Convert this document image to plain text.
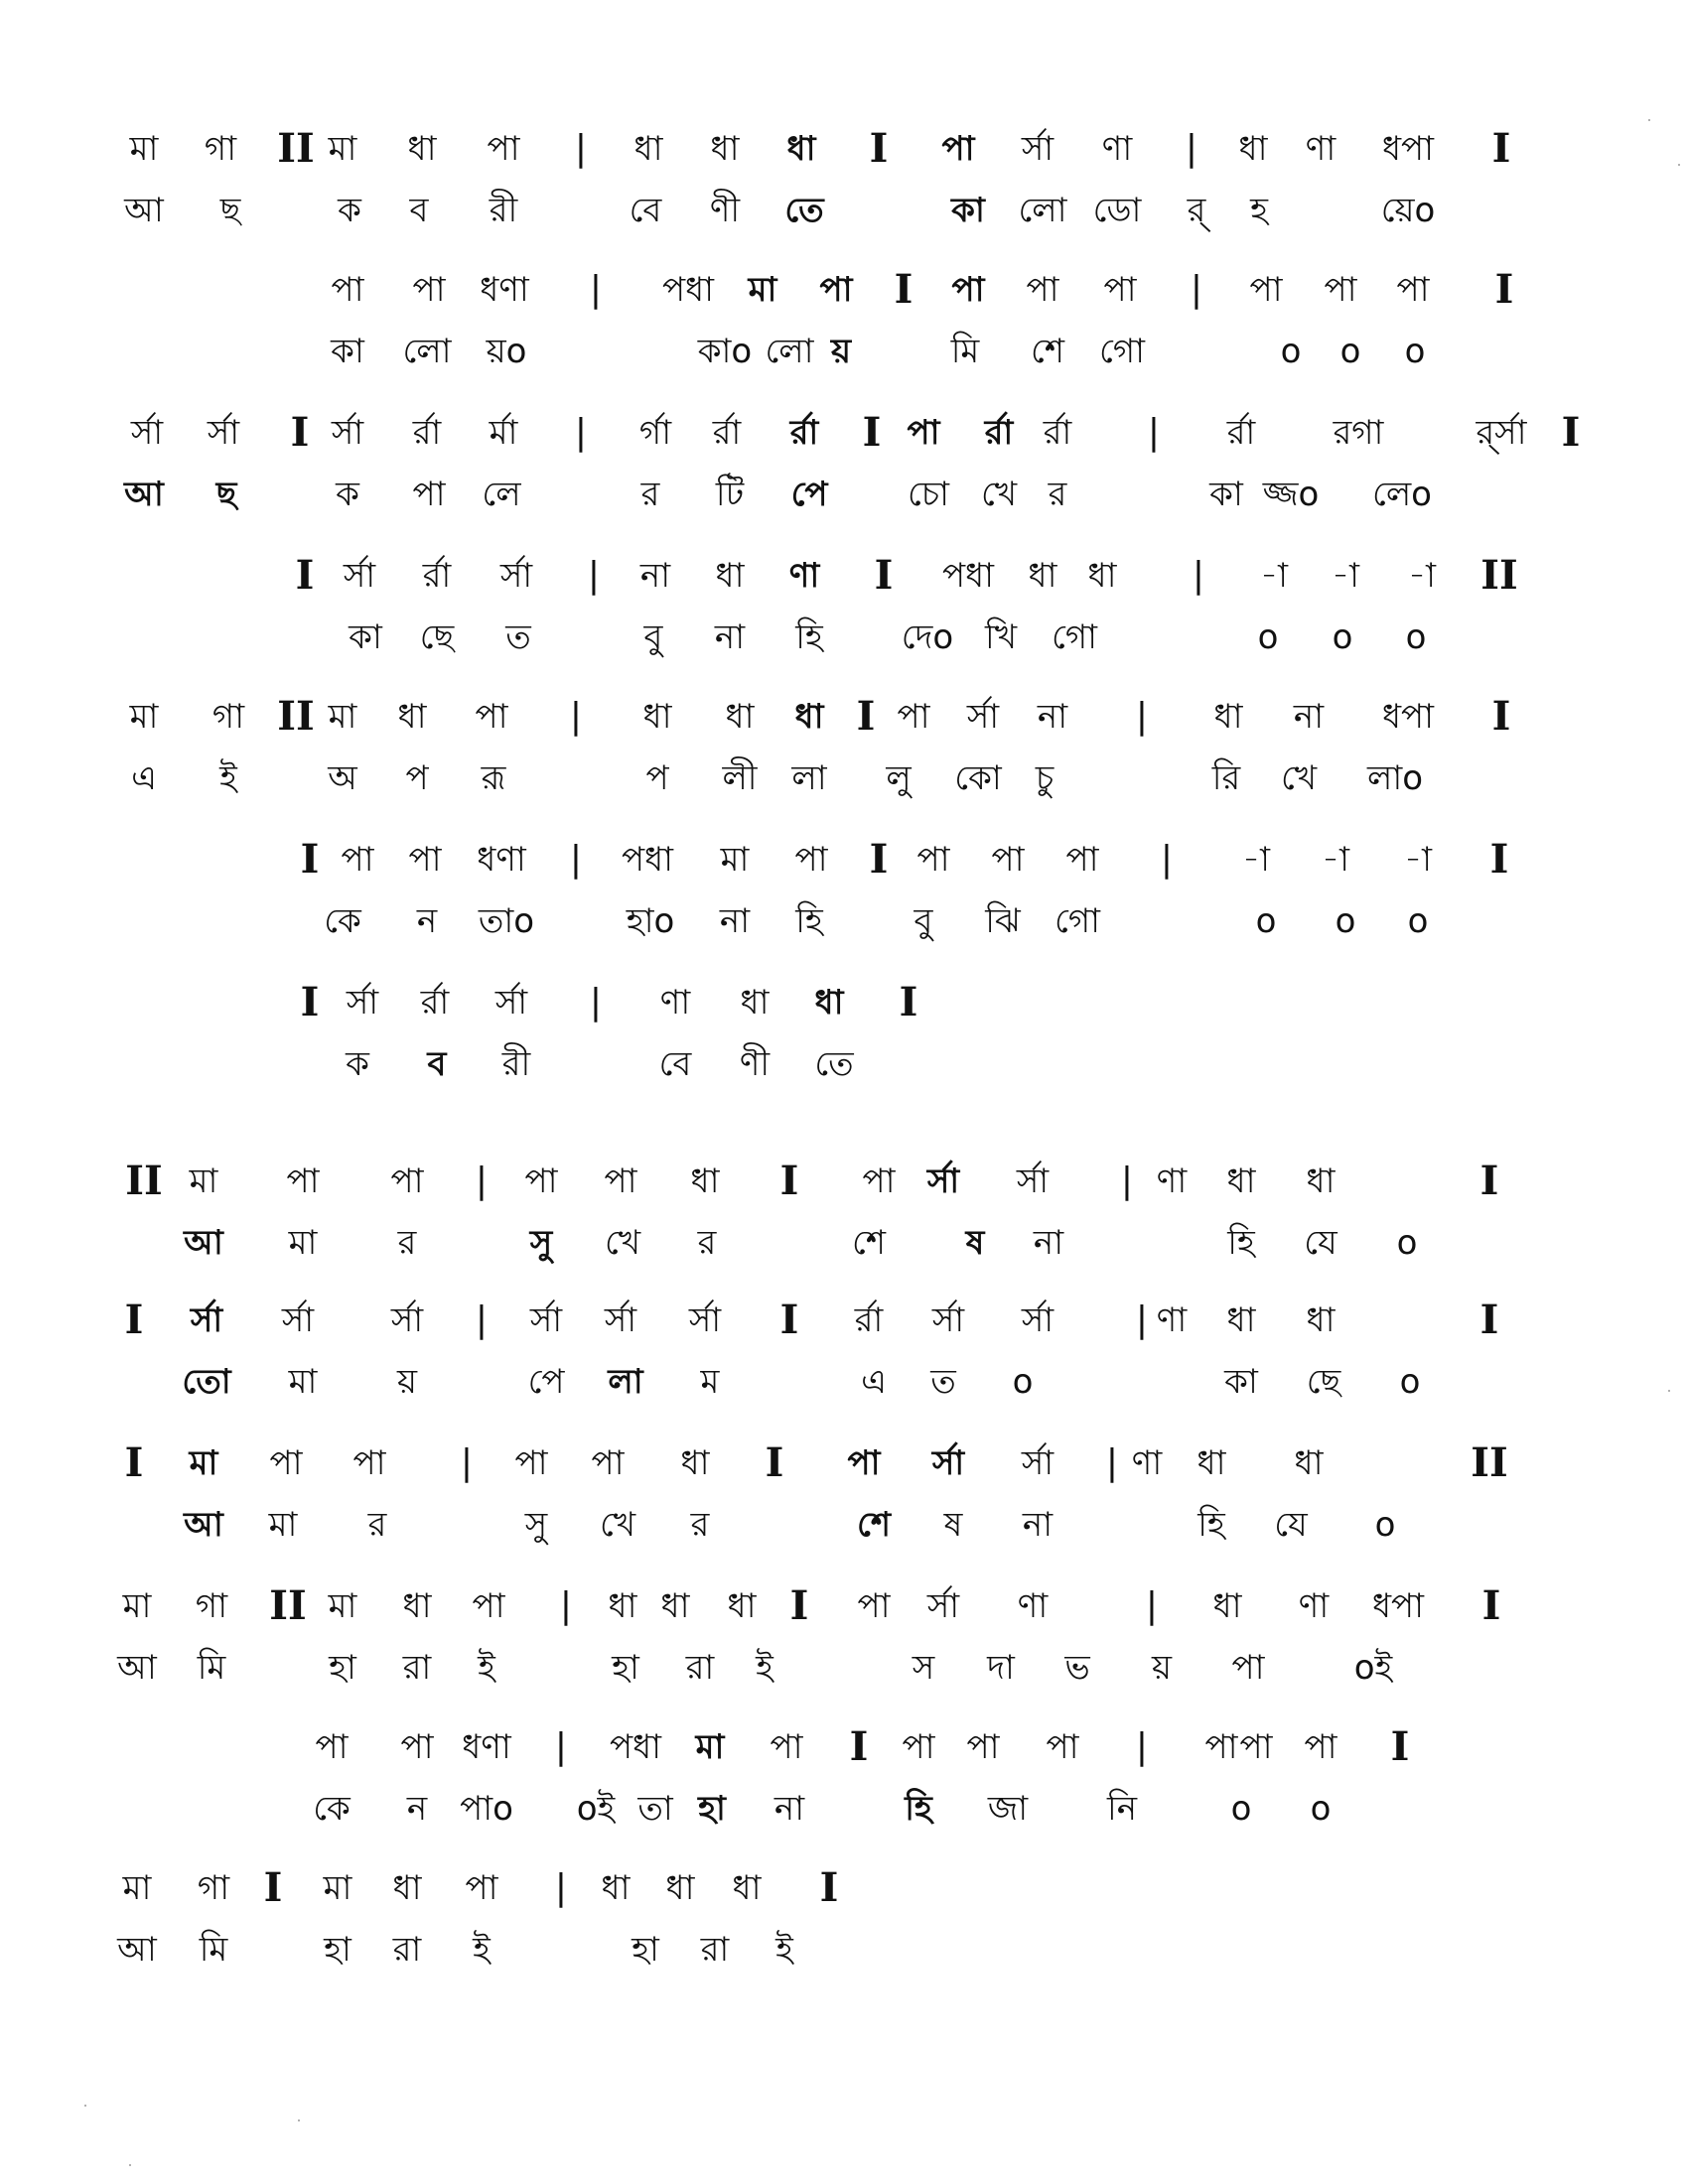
মা গা II মা ধা পা | ধা ধা ধা I পা র্সা ণা | ধা ণা ধপা I
আ ছ	ক ব রী	বে ণী তে	কা লো ডো র্ হ	য়েo
পা পা ধণা | পধা মা পা I পা পা পা | পা পা পা I
কা লো য়o	কাo লো য়	মি শে গো	o o o
র্সা র্সা I র্সা র্রা র্মা | র্গা র্রা র্রা I পা র্রা র্রা | র্রা রগা	র্র্সা I
আ ছ	ক পা লে	র টি পে চো খে র	কা জ্জo লেo
I র্সা র্রা র্সা | না ধা ণা I পধা ধা ধা | -া -া -া II
কা ছে ত	বু না হি দেo খি গো	o o o
মা গা II মা ধা পা | ধা ধা ধা I পা র্সা না | ধা না ধপা I
এ ই	অ প রূ	প লী লা লু কো চু	রি খে লাo
I পা পা ধণা | পধা মা পা I পা পা পা | -া -া -া I
কে ন তাo	হাo না হি	বু ঝি গো	o o o
I র্সা র্রা র্সা | ণা ধা ধা I
ক ব রী	বে ণী তে
II মা পা পা | পা পা ধা I পা র্সা র্সা | ণা ধা ধা	I
আ মা র	সু খে র	শে ষ না	হি যে o
I র্সা র্সা র্সা | র্সা র্সা র্সা I র্রা র্সা র্সা | ণা ধা ধা	I
তো মা য়	পে লা ম	এ ত o	কা ছে o
I মা পা পা | পা পা ধা I পা র্সা র্সা | ণা ধা ধা	II
আ মা র	সু খে র	শে ষ না	হি যে o
মা গা II মা ধা পা | ধা ধা ধা I পা র্সা ণা	| ধা ণা ধপা I
আ মি	হা রা ই	হা রা ই	স দা ভ য় পা	oই
পা পা ধণা | পধা মা পা I পা পা পা | পা পা পা I
কে ন পাo oই তা হা না	হি জা নি	o o
মা গা I মা ধা পা | ধা ধা ধা I
আ মি	হা রা ই	হা রা ই
